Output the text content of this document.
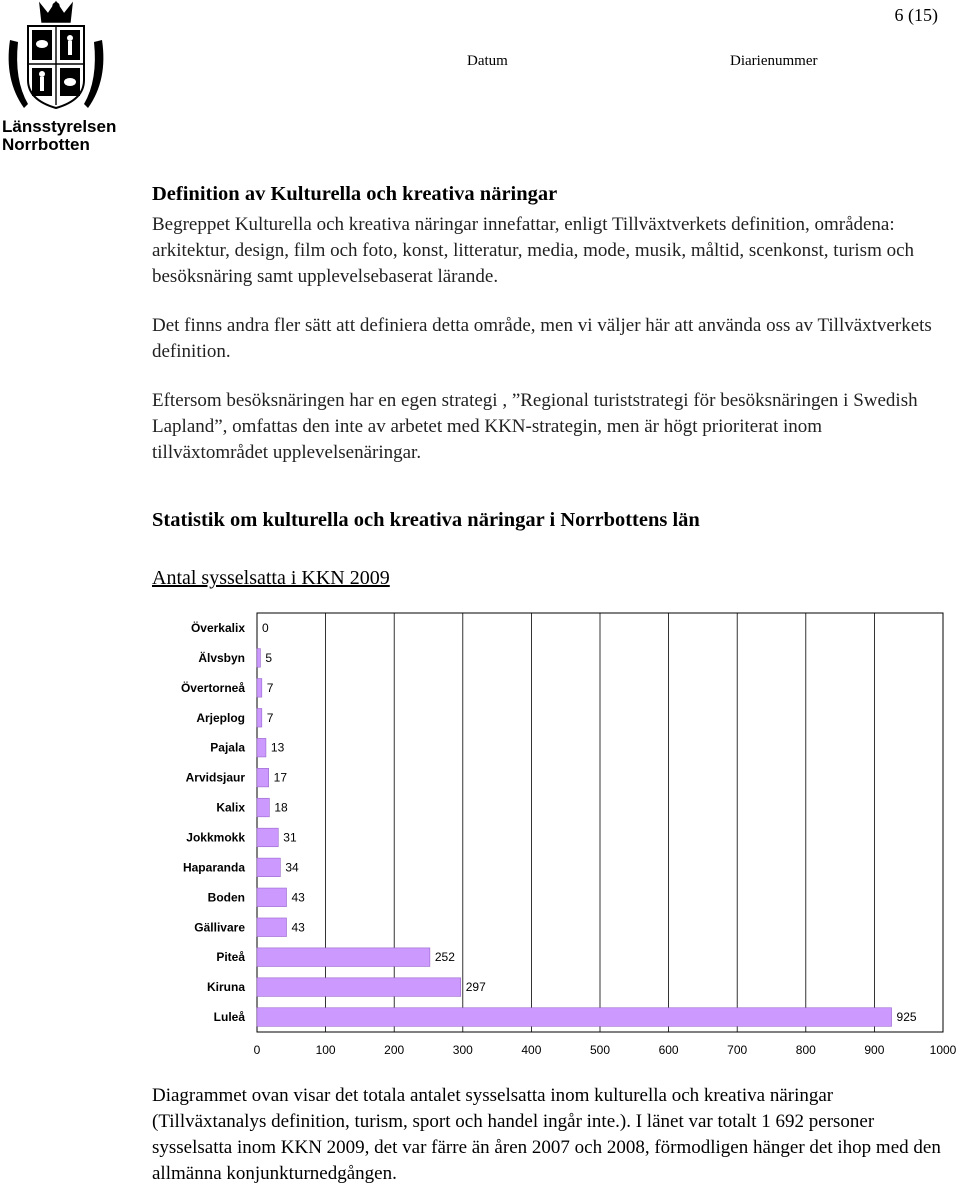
Länsstyrelsen
Norrbotten
6 (15)
Datum	Diarienummer
Definition av Kulturella och kreativa näringar

Begreppet Kulturella och kreativa näringar innefattar, enligt Tillväxtverkets definition, områdena: arkitektur, design, film och foto, konst, litteratur, media, mode, musik, måltid, scenkonst, turism och besöksnäring samt upplevelsebaserat lärande.

Det finns andra fler sätt att definiera detta område, men vi väljer här att använda oss av Tillväxtverkets definition.

Eftersom besöksnäringen har en egen strategi , ”Regional turiststrategi för besöksnäringen i Swedish Lapland”, omfattas den inte av arbetet med KKN-strategin, men är högt prioriterat inom tillväxtområdet upplevelsenäringar.

Statistik om kulturella och kreativa näringar i Norrbottens län
Antal sysselsatta i KKN 2009
0	100	200	300	400	500	600	700	800	900	1000
Överkalix 0
Älvsbyn 5
Övertorneå 7
Arjeplog 7
Pajala 13
Arvidsjaur 17
Kalix 18
Jokkmokk	31
Haparanda	34
Boden	43
Gällivare	43
Piteå	252
Kiruna	297
Luleå	925
Diagrammet ovan visar det totala antalet sysselsatta inom kulturella och kreativa näringar (Tillväxtanalys definition, turism, sport och handel ingår inte.). I länet var totalt 1 692 personer sysselsatta inom KKN 2009, det var färre än åren 2007 och 2008, förmodligen hänger det ihop med den allmänna konjunkturnedgången.
